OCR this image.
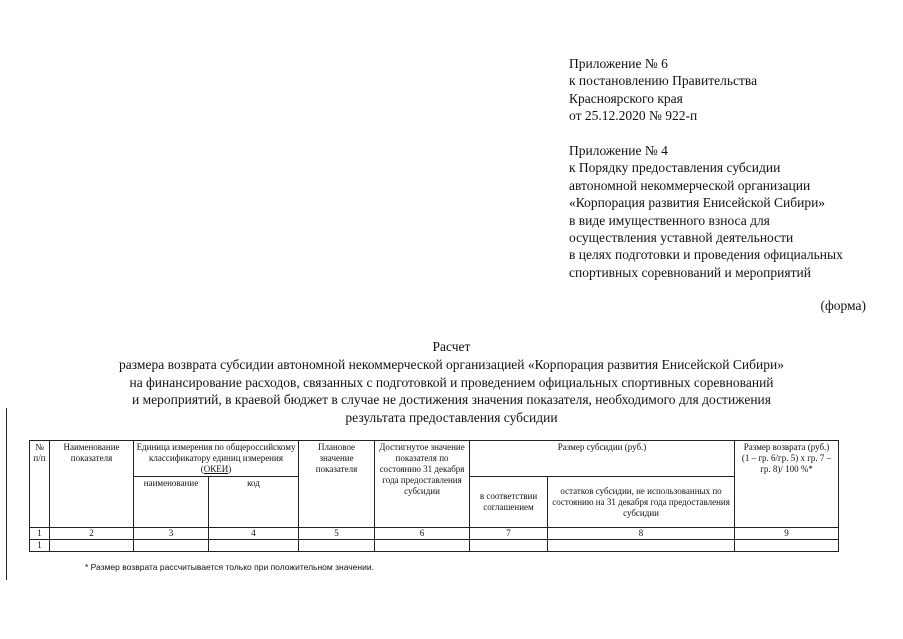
Приложение № 6
к постановлению Правительства
Красноярского края
от 25.12.2020 № 922-п
Приложение № 4
к Порядку предоставления субсидии
автономной некоммерческой организации
«Корпорация развития Енисейской Сибири»
в виде имущественного взноса для
осуществления уставной деятельности
в целях подготовки и проведения официальных
спортивных соревнований и мероприятий
(форма)
Расчет
размера возврата субсидии автономной некоммерческой организацией «Корпорация развития Енисейской Сибири»
на финансирование расходов, связанных с подготовкой и проведением официальных спортивных соревнований
и мероприятий, в краевой бюджет в случае не достижения значения показателя, необходимого для достижения
результата предоставления субсидии
№ п/п	Наименование показателя	Единица измерения по общероссийскому классификатору единиц измерения (ОКЕИ)		Плановое значение показателя	Достигнутое значение показателя по состоянию 31 декабря года предоставления субсидии	Размер субсидии (руб.)		Размер возврата (руб.)
(1 – гр. 6/гр. 5) х гр. 7 – гр. 8)/ 100 %*

		наименование	код			в соответствии соглашением	остатков субсидии, не использованных по состоянию на 31 декабря года предоставления субсидии	
1	2	3	4	5	6	7	8	9
1								
* Размер возврата рассчитывается только при положительном значении.
